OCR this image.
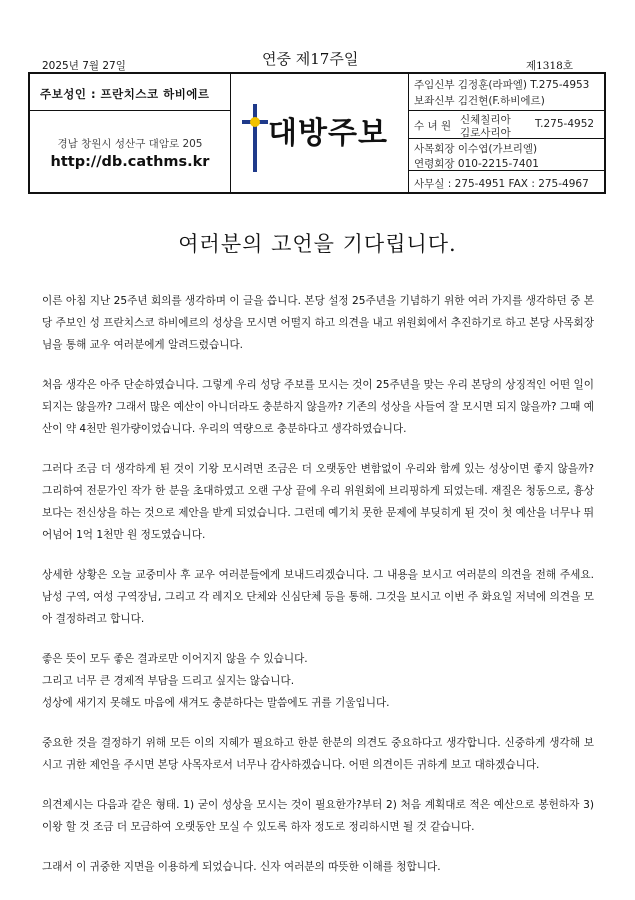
2025년 7월 27일	연중 제17주일	제1318호
주보성인 : 프란치스코 하비에르
경남 창원시 성산구 대암로 205
http://db.cathms.kr
대방주보
주임신부 김정훈(라파엘) T.275-4953
보좌신부 김건현(F.하비에르)
수 녀 원 신체칠리아
김로사리아
T.275-4952
사목회장 이수엽(가브리엘)
연령회장 010-2215-7401
사무실 : 275-4951 FAX : 275-4967
여러분의 고언을 기다립니다.

이른 아침 지난 25주년 회의를 생각하며 이 글을 씁니다. 본당 설정 25주년을 기념하기 위한 여러 가지를 생각하던 중 본당 주보인 성 프란치스코 하비에르의 성상을 모시면 어떨지 하고 의견을 내고 위원회에서 추진하기로 하고 본당 사목회장님을 통해 교우 여러분에게 알려드렸습니다.

처음 생각은 아주 단순하였습니다. 그렇게 우리 성당 주보를 모시는 것이 25주년을 맞는 우리 본당의 상징적인 어떤 일이 되지는 않을까? 그래서 많은 예산이 아니더라도 충분하지 않을까? 기존의 성상을 사들여 잘 모시면 되지 않을까? 그때 예산이 약 4천만 원가량이었습니다. 우리의 역량으로 충분하다고 생각하였습니다.

그러다 조금 더 생각하게 된 것이 기왕 모시려면 조금은 더 오랫동안 변함없이 우리와 함께 있는 성상이면 좋지 않을까? 그리하여 전문가인 작가 한 분을 초대하였고 오랜 구상 끝에 우리 위원회에 브리핑하게 되었는데. 재질은 청동으로, 흉상보다는 전신상을 하는 것으로 제안을 받게 되었습니다. 그런데 예기치 못한 문제에 부딪히게 된 것이 첫 예산을 너무나 뛰어넘어 1억 1천만 원 정도였습니다.

상세한 상황은 오늘 교중미사 후 교우 여러분들에게 보내드리겠습니다. 그 내용을 보시고 여러분의 의견을 전해 주세요. 남성 구역, 여성 구역장님, 그리고 각 레지오 단체와 신심단체 등을 통해. 그것을 보시고 이번 주 화요일 저녁에 의견을 모아 결정하려고 합니다.

좋은 뜻이 모두 좋은 결과로만 이어지지 않을 수 있습니다.

그리고 너무 큰 경제적 부담을 드리고 싶지는 않습니다.

성상에 새기지 못해도 마음에 새겨도 충분하다는 말씀에도 귀를 기울입니다.

중요한 것을 결정하기 위해 모든 이의 지혜가 필요하고 한분 한분의 의견도 중요하다고 생각합니다. 신중하게 생각해 보시고 귀한 제언을 주시면 본당 사목자로서 너무나 감사하겠습니다. 어떤 의견이든 귀하게 보고 대하겠습니다.

의견제시는 다음과 같은 형태. 1) 굳이 성상을 모시는 것이 필요한가?부터 2) 처음 계획대로 적은 예산으로 봉헌하자 3) 이왕 할 것 조금 더 모금하여 오랫동안 모실 수 있도록 하자 정도로 정리하시면 될 것 같습니다.

그래서 이 귀중한 지면을 이용하게 되었습니다. 신자 여러분의 따뜻한 이해를 청합니다.
